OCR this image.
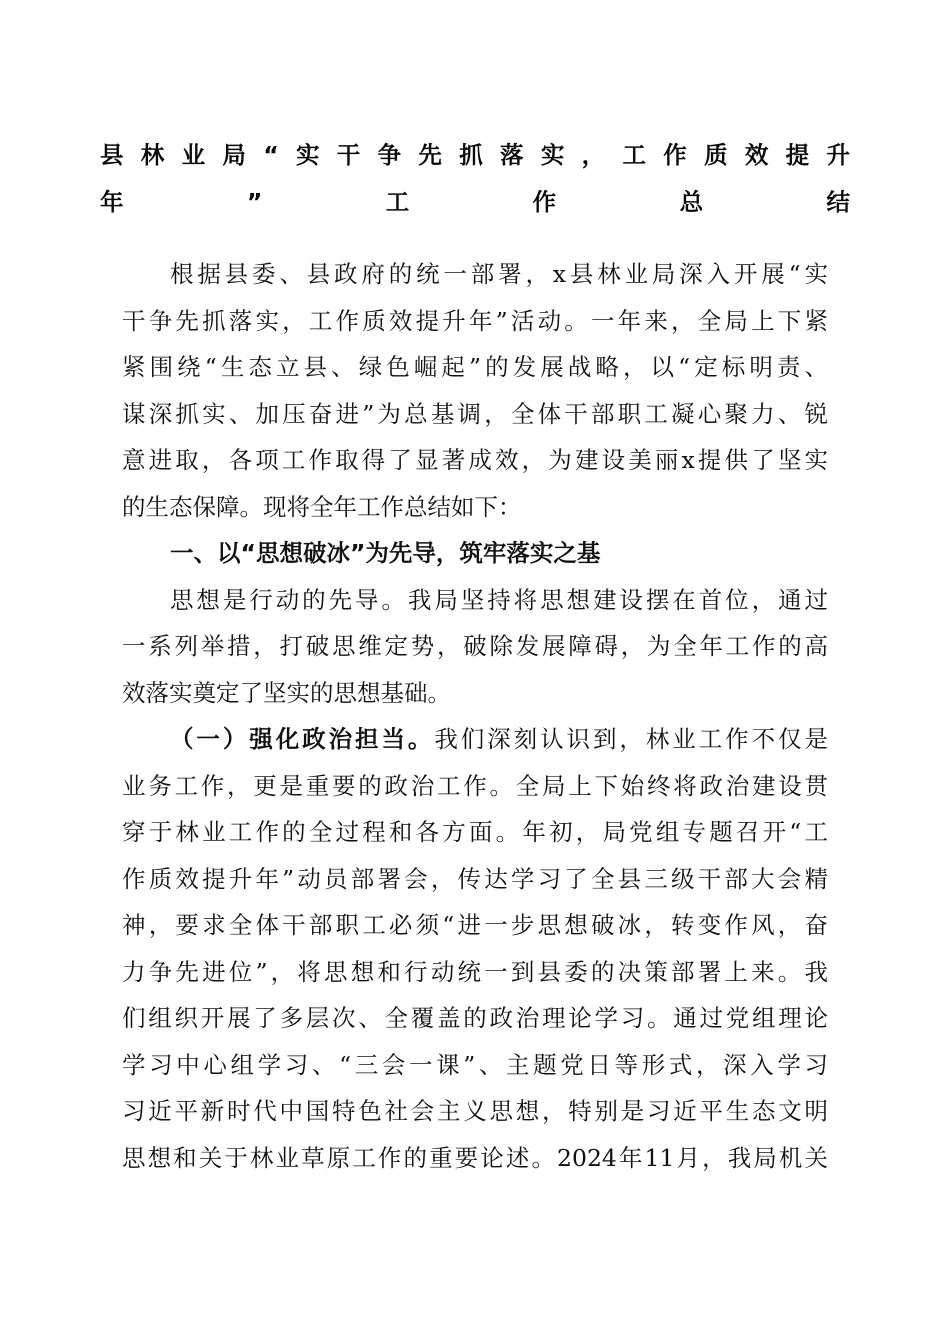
县林业局“实干争先抓落实，工作质效提升
年”工作总结
根据县委、县政府的统一部署，x县林业局深入开展“实
干争先抓落实，工作质效提升年”活动。一年来，全局上下紧
紧围绕“生态立县、绿色崛起”的发展战略，以“定标明责、
谋深抓实、加压奋进”为总基调，全体干部职工凝心聚力、锐
意进取，各项工作取得了显著成效，为建设美丽x提供了坚实
的生态保障。现将全年工作总结如下：
一、以“思想破冰”为先导，筑牢落实之基
思想是行动的先导。我局坚持将思想建设摆在首位，通过
一系列举措，打破思维定势，破除发展障碍，为全年工作的高
效落实奠定了坚实的思想基础。
（一）强化政治担当。我们深刻认识到，林业工作不仅是
业务工作，更是重要的政治工作。全局上下始终将政治建设贯
穿于林业工作的全过程和各方面。年初，局党组专题召开“工
作质效提升年”动员部署会，传达学习了全县三级干部大会精
神，要求全体干部职工必须“进一步思想破冰，转变作风，奋
力争先进位”，将思想和行动统一到县委的决策部署上来。我
们组织开展了多层次、全覆盖的政治理论学习。通过党组理论
学习中心组学习、“三会一课”、主题党日等形式，深入学习
习近平新时代中国特色社会主义思想，特别是习近平生态文明
思想和关于林业草原工作的重要论述。2024年11月，我局机关
